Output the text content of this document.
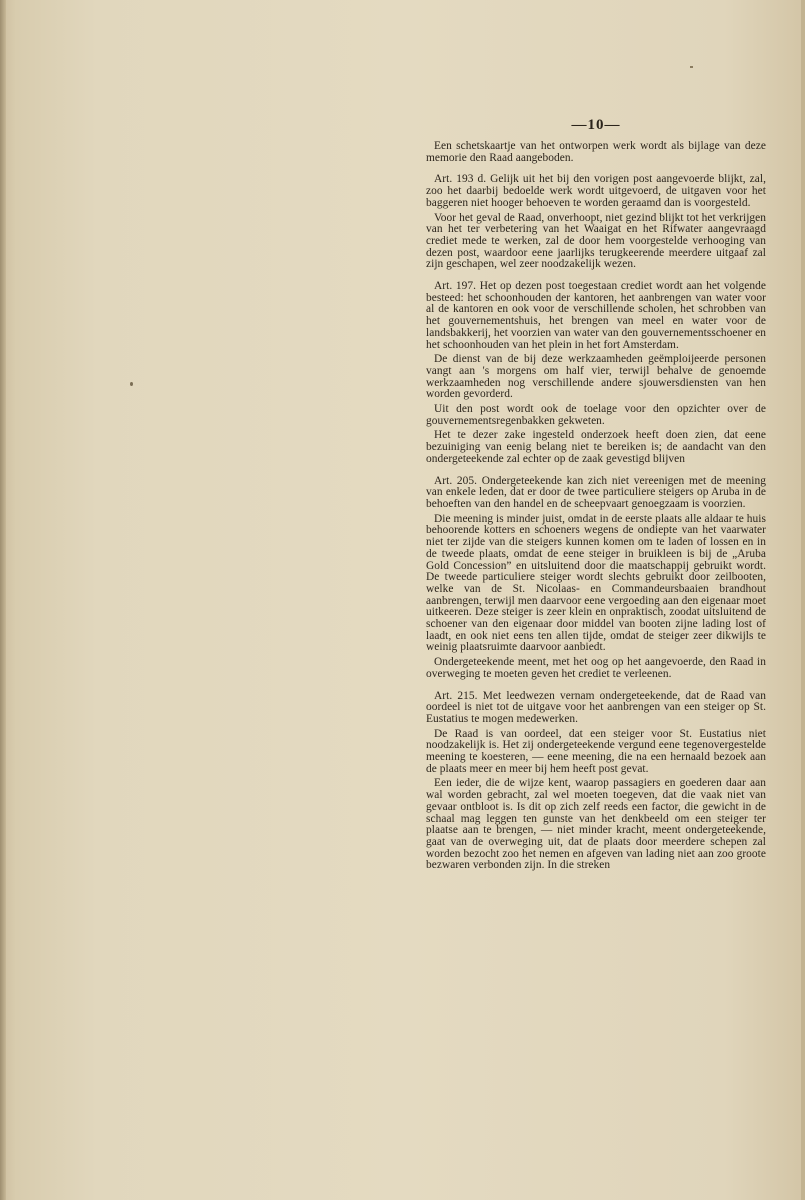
—10—

Een schetskaartje van het ontworpen werk wordt als bijlage van deze memorie den Raad aangeboden.

Art. 193 d. Gelijk uit het bij den vorigen post aangevoerde blijkt, zal, zoo het daarbij bedoelde werk wordt uitgevoerd, de uitgaven voor het baggeren niet hooger behoeven te worden geraamd dan is voorgesteld.

Voor het geval de Raad, onverhoopt, niet gezind blijkt tot het verkrijgen van het ter verbetering van het Waaigat en het Rifwater aangevraagd crediet mede te werken, zal de door hem voorgestelde verhooging van dezen post, waardoor eene jaarlijks terugkeerende meerdere uitgaaf zal zijn geschapen, wel zeer noodzakelijk wezen.

Art. 197. Het op dezen post toegestaan crediet wordt aan het volgende besteed: het schoonhouden der kantoren, het aanbrengen van water voor al de kantoren en ook voor de verschillende scholen, het schrobben van het gouvernementshuis, het brengen van meel en water voor de landsbakkerij, het voorzien van water van den gouvernementsschoener en het schoonhouden van het plein in het fort Amsterdam.

De dienst van de bij deze werkzaamheden geëmploijeerde personen vangt aan 's morgens om half vier, terwijl behalve de genoemde werkzaamheden nog verschillende andere sjouwersdiensten van hen worden gevorderd.

Uit den post wordt ook de toelage voor den opzichter over de gouvernementsregenbakken gekweten.

Het te dezer zake ingesteld onderzoek heeft doen zien, dat eene bezuiniging van eenig belang niet te bereiken is; de aandacht van den ondergeteekende zal echter op de zaak gevestigd blijven

Art. 205. Ondergeteekende kan zich niet vereenigen met de meening van enkele leden, dat er door de twee particuliere steigers op Aruba in de behoeften van den handel en de scheepvaart genoegzaam is voorzien.

Die meening is minder juist, omdat in de eerste plaats alle aldaar te huis behoorende kotters en schoeners wegens de ondiepte van het vaarwater niet ter zijde van die steigers kunnen komen om te laden of lossen en in de tweede plaats, omdat de eene steiger in bruikleen is bij de „Aruba Gold Concession” en uitsluitend door die maatschappij gebruikt wordt. De tweede particuliere steiger wordt slechts gebruikt door zeilbooten, welke van de St. Nicolaas- en Commandeursbaaien brandhout aanbrengen, terwijl men daarvoor eene vergoeding aan den eigenaar moet uitkeeren. Deze steiger is zeer klein en onpraktisch, zoodat uitsluitend de schoener van den eigenaar door middel van booten zijne lading lost of laadt, en ook niet eens ten allen tijde, omdat de steiger zeer dikwijls te weinig plaatsruimte daarvoor aanbiedt.

Ondergeteekende meent, met het oog op het aangevoerde, den Raad in overweging te moeten geven het crediet te verleenen.

Art. 215. Met leedwezen vernam ondergeteekende, dat de Raad van oordeel is niet tot de uitgave voor het aanbrengen van een steiger op St. Eustatius te mogen medewerken.

De Raad is van oordeel, dat een steiger voor St. Eustatius niet noodzakelijk is. Het zij ondergeteekende vergund eene tegenovergestelde meening te koesteren, — eene meening, die na een hernaald bezoek aan de plaats meer en meer bij hem heeft post gevat.

Een ieder, die de wijze kent, waarop passagiers en goederen daar aan wal worden gebracht, zal wel moeten toegeven, dat die vaak niet van gevaar ontbloot is. Is dit op zich zelf reeds een factor, die gewicht in de schaal mag leggen ten gunste van het denkbeeld om een steiger ter plaatse aan te brengen, — niet minder kracht, meent ondergeteekende, gaat van de overweging uit, dat de plaats door meerdere schepen zal worden bezocht zoo het nemen en afgeven van lading niet aan zoo groote bezwaren verbonden zijn. In die streken
